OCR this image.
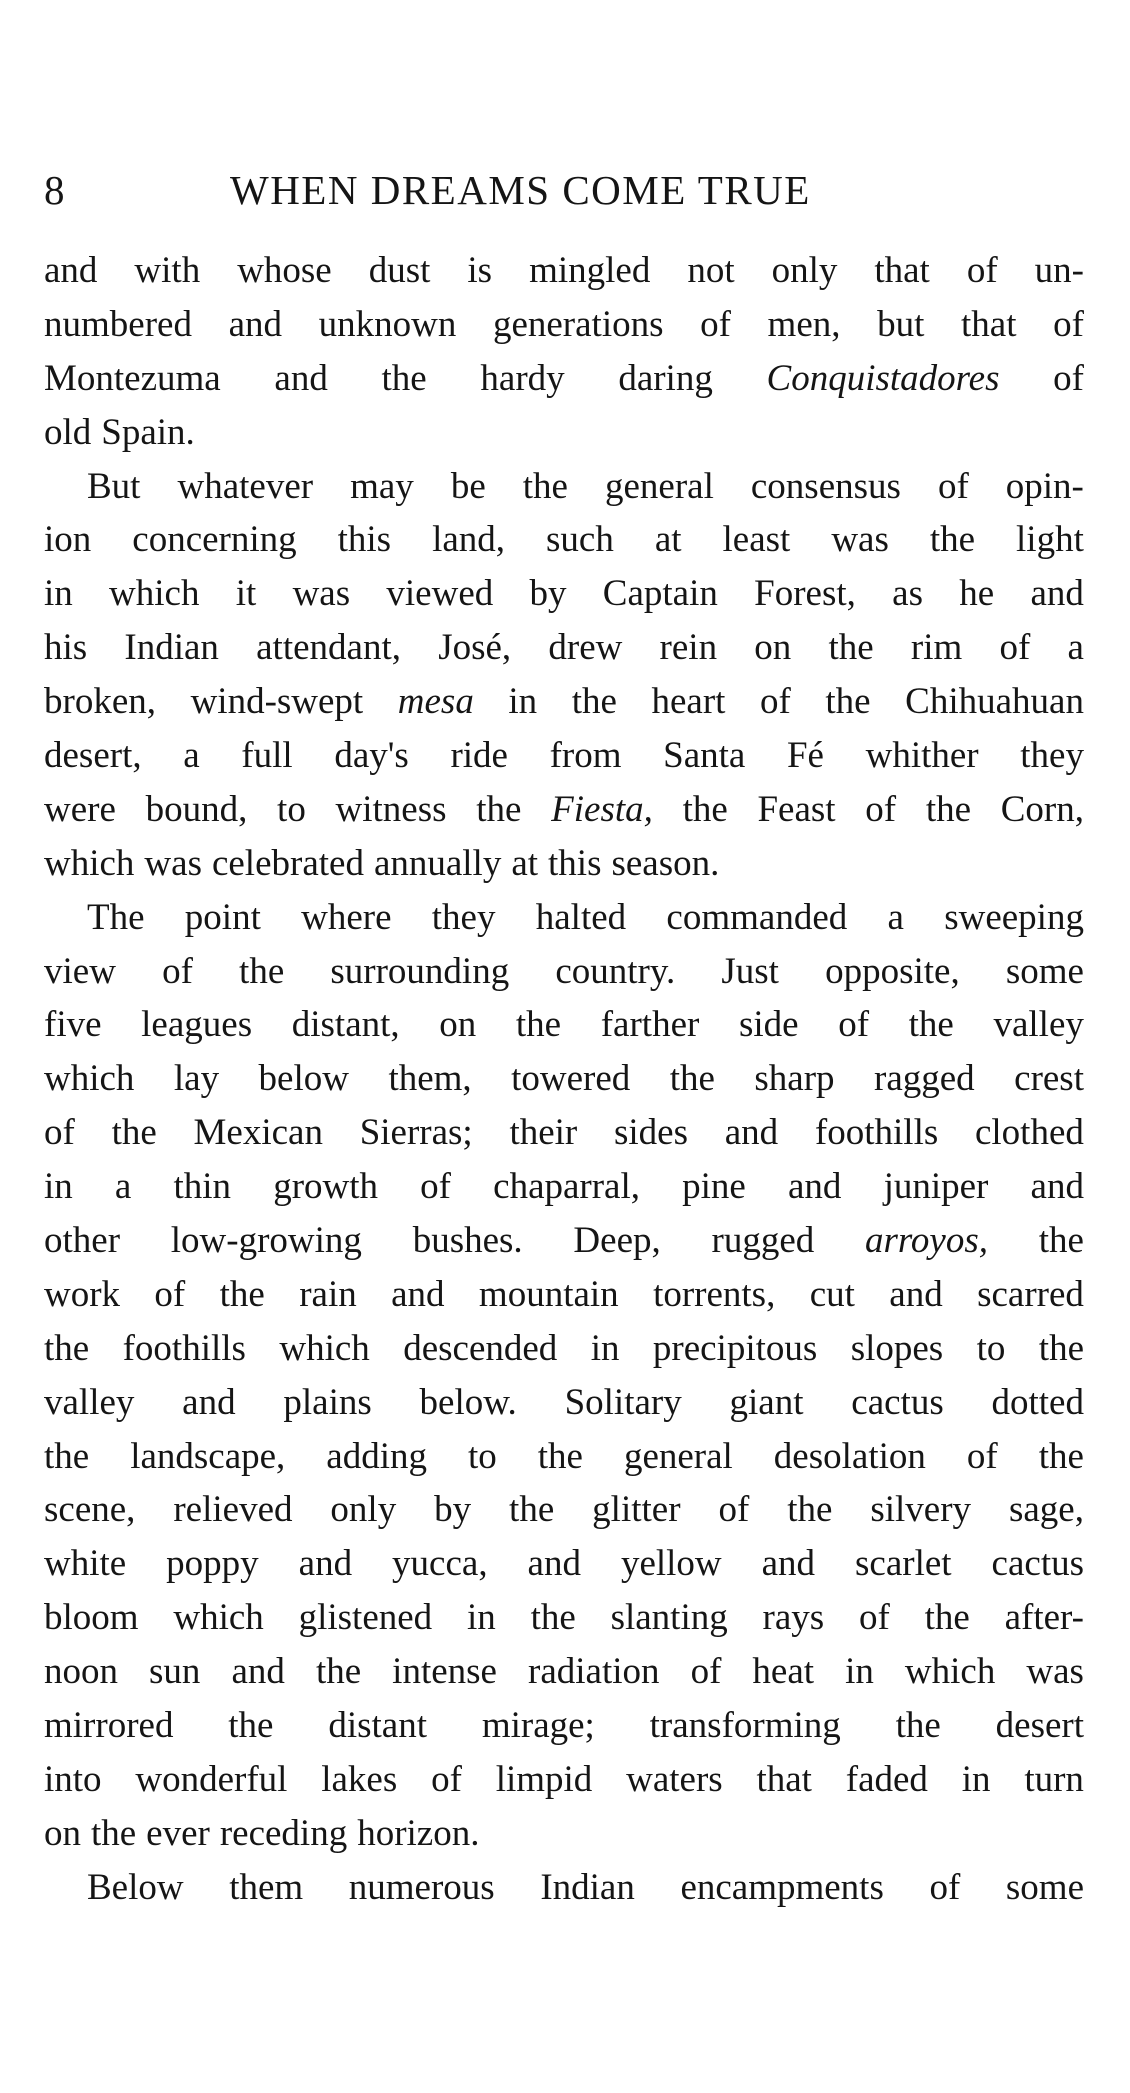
8	WHEN DREAMS COME TRUE
and with whose dust is mingled not only that of un-
numbered and unknown generations of men, but that of
Montezuma and the hardy daring Conquistadores of
old Spain.
But whatever may be the general consensus of opin-
ion concerning this land, such at least was the light
in which it was viewed by Captain Forest, as he and
his Indian attendant, José, drew rein on the rim of a
broken, wind-swept mesa in the heart of the Chihuahuan
desert, a full day's ride from Santa Fé whither they
were bound, to witness the Fiesta, the Feast of the Corn,
which was celebrated annually at this season.
The point where they halted commanded a sweeping
view of the surrounding country. Just opposite, some
five leagues distant, on the farther side of the valley
which lay below them, towered the sharp ragged crest
of the Mexican Sierras; their sides and foothills clothed
in a thin growth of chaparral, pine and juniper and
other low-growing bushes. Deep, rugged arroyos, the
work of the rain and mountain torrents, cut and scarred
the foothills which descended in precipitous slopes to the
valley and plains below. Solitary giant cactus dotted
the landscape, adding to the general desolation of the
scene, relieved only by the glitter of the silvery sage,
white poppy and yucca, and yellow and scarlet cactus
bloom which glistened in the slanting rays of the after-
noon sun and the intense radiation of heat in which was
mirrored the distant mirage; transforming the desert
into wonderful lakes of limpid waters that faded in turn
on the ever receding horizon.
Below them numerous Indian encampments of some
